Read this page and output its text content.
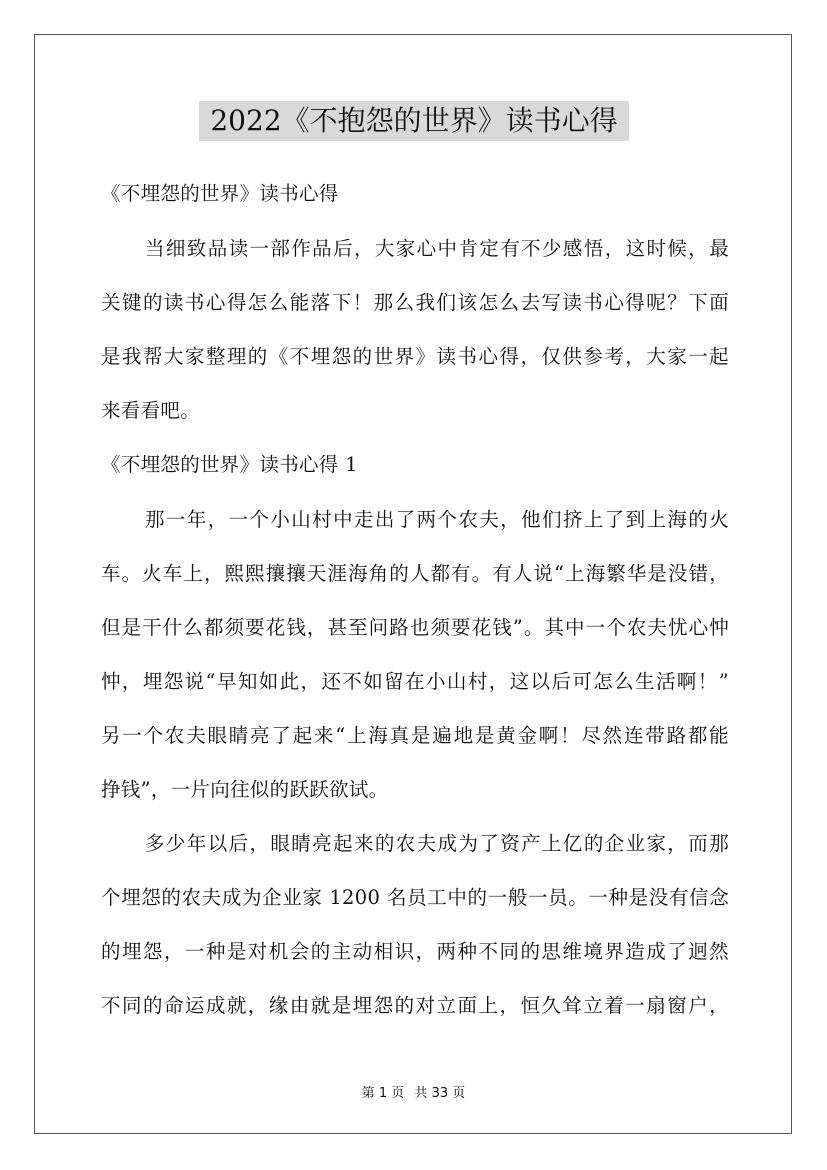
2022《不抱怨的世界》读书心得
《不埋怨的世界》读书心得
当细致品读一部作品后，大家心中肯定有不少感悟，这时候，最
关键的读书心得怎么能落下！那么我们该怎么去写读书心得呢？下面
是我帮大家整理的《不埋怨的世界》读书心得，仅供参考，大家一起
来看看吧。
《不埋怨的世界》读书心得 1
那一年，一个小山村中走出了两个农夫，他们挤上了到上海的火
车。火车上，熙熙攘攘天涯海角的人都有。有人说“上海繁华是没错，
但是干什么都须要花钱，甚至问路也须要花钱”。其中一个农夫忧心忡
忡，埋怨说“早知如此，还不如留在小山村，这以后可怎么生活啊！”
另一个农夫眼睛亮了起来“上海真是遍地是黄金啊！尽然连带路都能
挣钱”，一片向往似的跃跃欲试。
多少年以后，眼睛亮起来的农夫成为了资产上亿的企业家，而那
个埋怨的农夫成为企业家 1200 名员工中的一般一员。一种是没有信念
的埋怨，一种是对机会的主动相识，两种不同的思维境界造成了迥然
不同的命运成就，缘由就是埋怨的对立面上，恒久耸立着一扇窗户，
第 1 页 共 33 页
